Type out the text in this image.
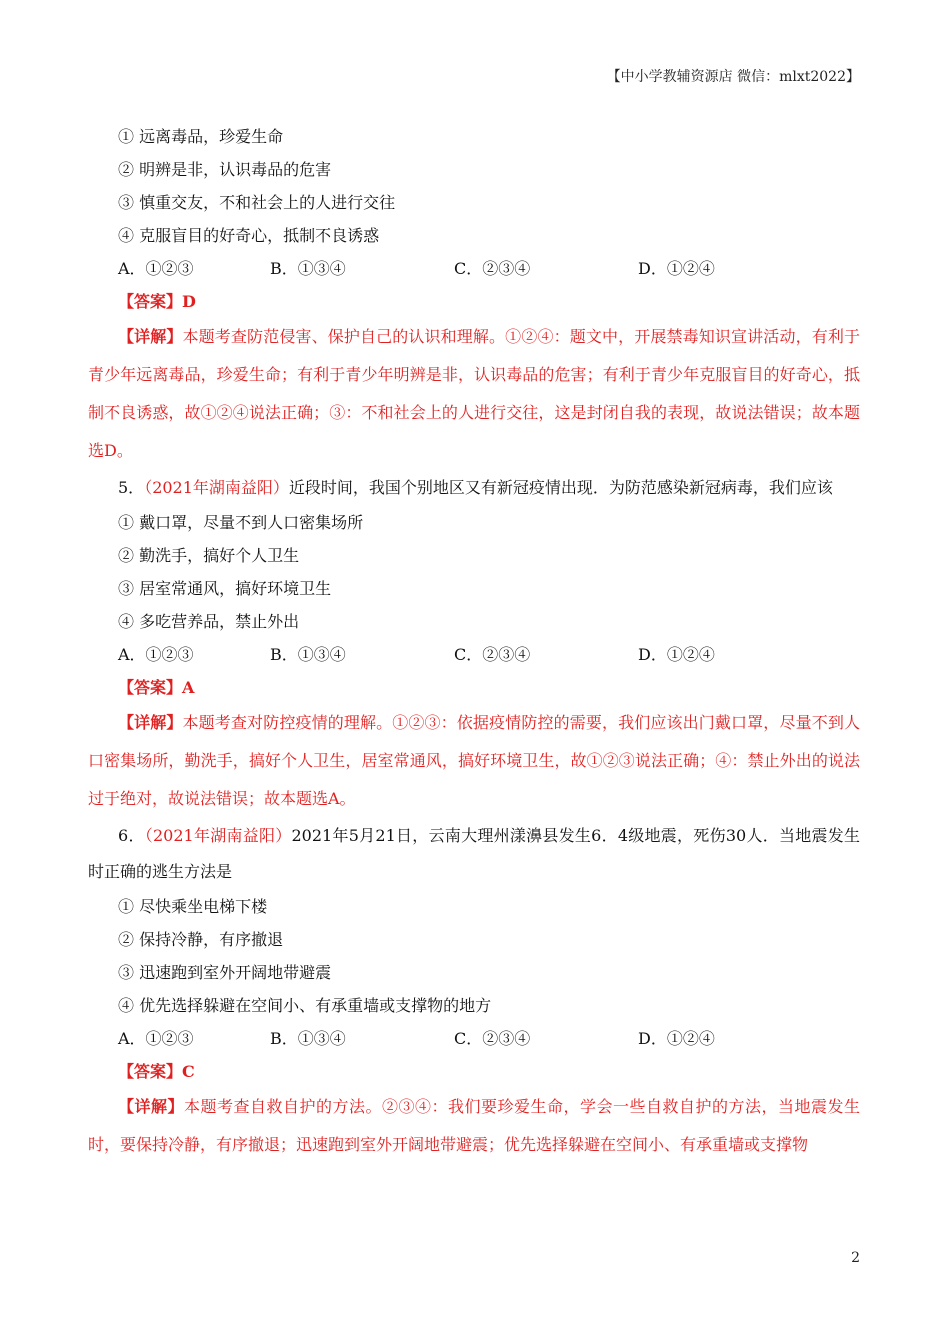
【中小学教辅资源店 微信：mlxt2022】
① 远离毒品，珍爱生命
② 明辨是非，认识毒品的危害
③ 慎重交友，不和社会上的人进行交往
④ 克服盲目的好奇心，抵制不良诱惑
A．①②③	B．①③④	C．②③④	D．①②④
【答案】D
【详解】本题考查防范侵害、保护自己的认识和理解。①②④：题文中，开展禁毒知识宣讲活动，有利于青少年远离毒品，珍爱生命；有利于青少年明辨是非，认识毒品的危害；有利于青少年克服盲目的好奇心，抵制不良诱惑，故①②④说法正确；③：不和社会上的人进行交往，这是封闭自我的表现，故说法错误；故本题选D。
5．（2021年湖南益阳）近段时间，我国个别地区又有新冠疫情出现．为防范感染新冠病毒，我们应该
① 戴口罩，尽量不到人口密集场所
② 勤洗手，搞好个人卫生
③ 居室常通风，搞好环境卫生
④ 多吃营养品，禁止外出
A．①②③	B．①③④	C．②③④	D．①②④
【答案】A
【详解】本题考查对防控疫情的理解。①②③：依据疫情防控的需要，我们应该出门戴口罩，尽量不到人口密集场所，勤洗手，搞好个人卫生，居室常通风，搞好环境卫生，故①②③说法正确；④：禁止外出的说法过于绝对，故说法错误；故本题选A。
6．（2021年湖南益阳）2021年5月21日，云南大理州漾濞县发生6．4级地震，死伤30人．当地震发生时正确的逃生方法是
① 尽快乘坐电梯下楼
② 保持冷静，有序撤退
③ 迅速跑到室外开阔地带避震
④ 优先选择躲避在空间小、有承重墙或支撑物的地方
A．①②③	B．①③④	C．②③④	D．①②④
【答案】C
【详解】本题考查自救自护的方法。②③④：我们要珍爱生命，学会一些自救自护的方法，当地震发生时，要保持冷静，有序撤退；迅速跑到室外开阔地带避震；优先选择躲避在空间小、有承重墙或支撑物
2
